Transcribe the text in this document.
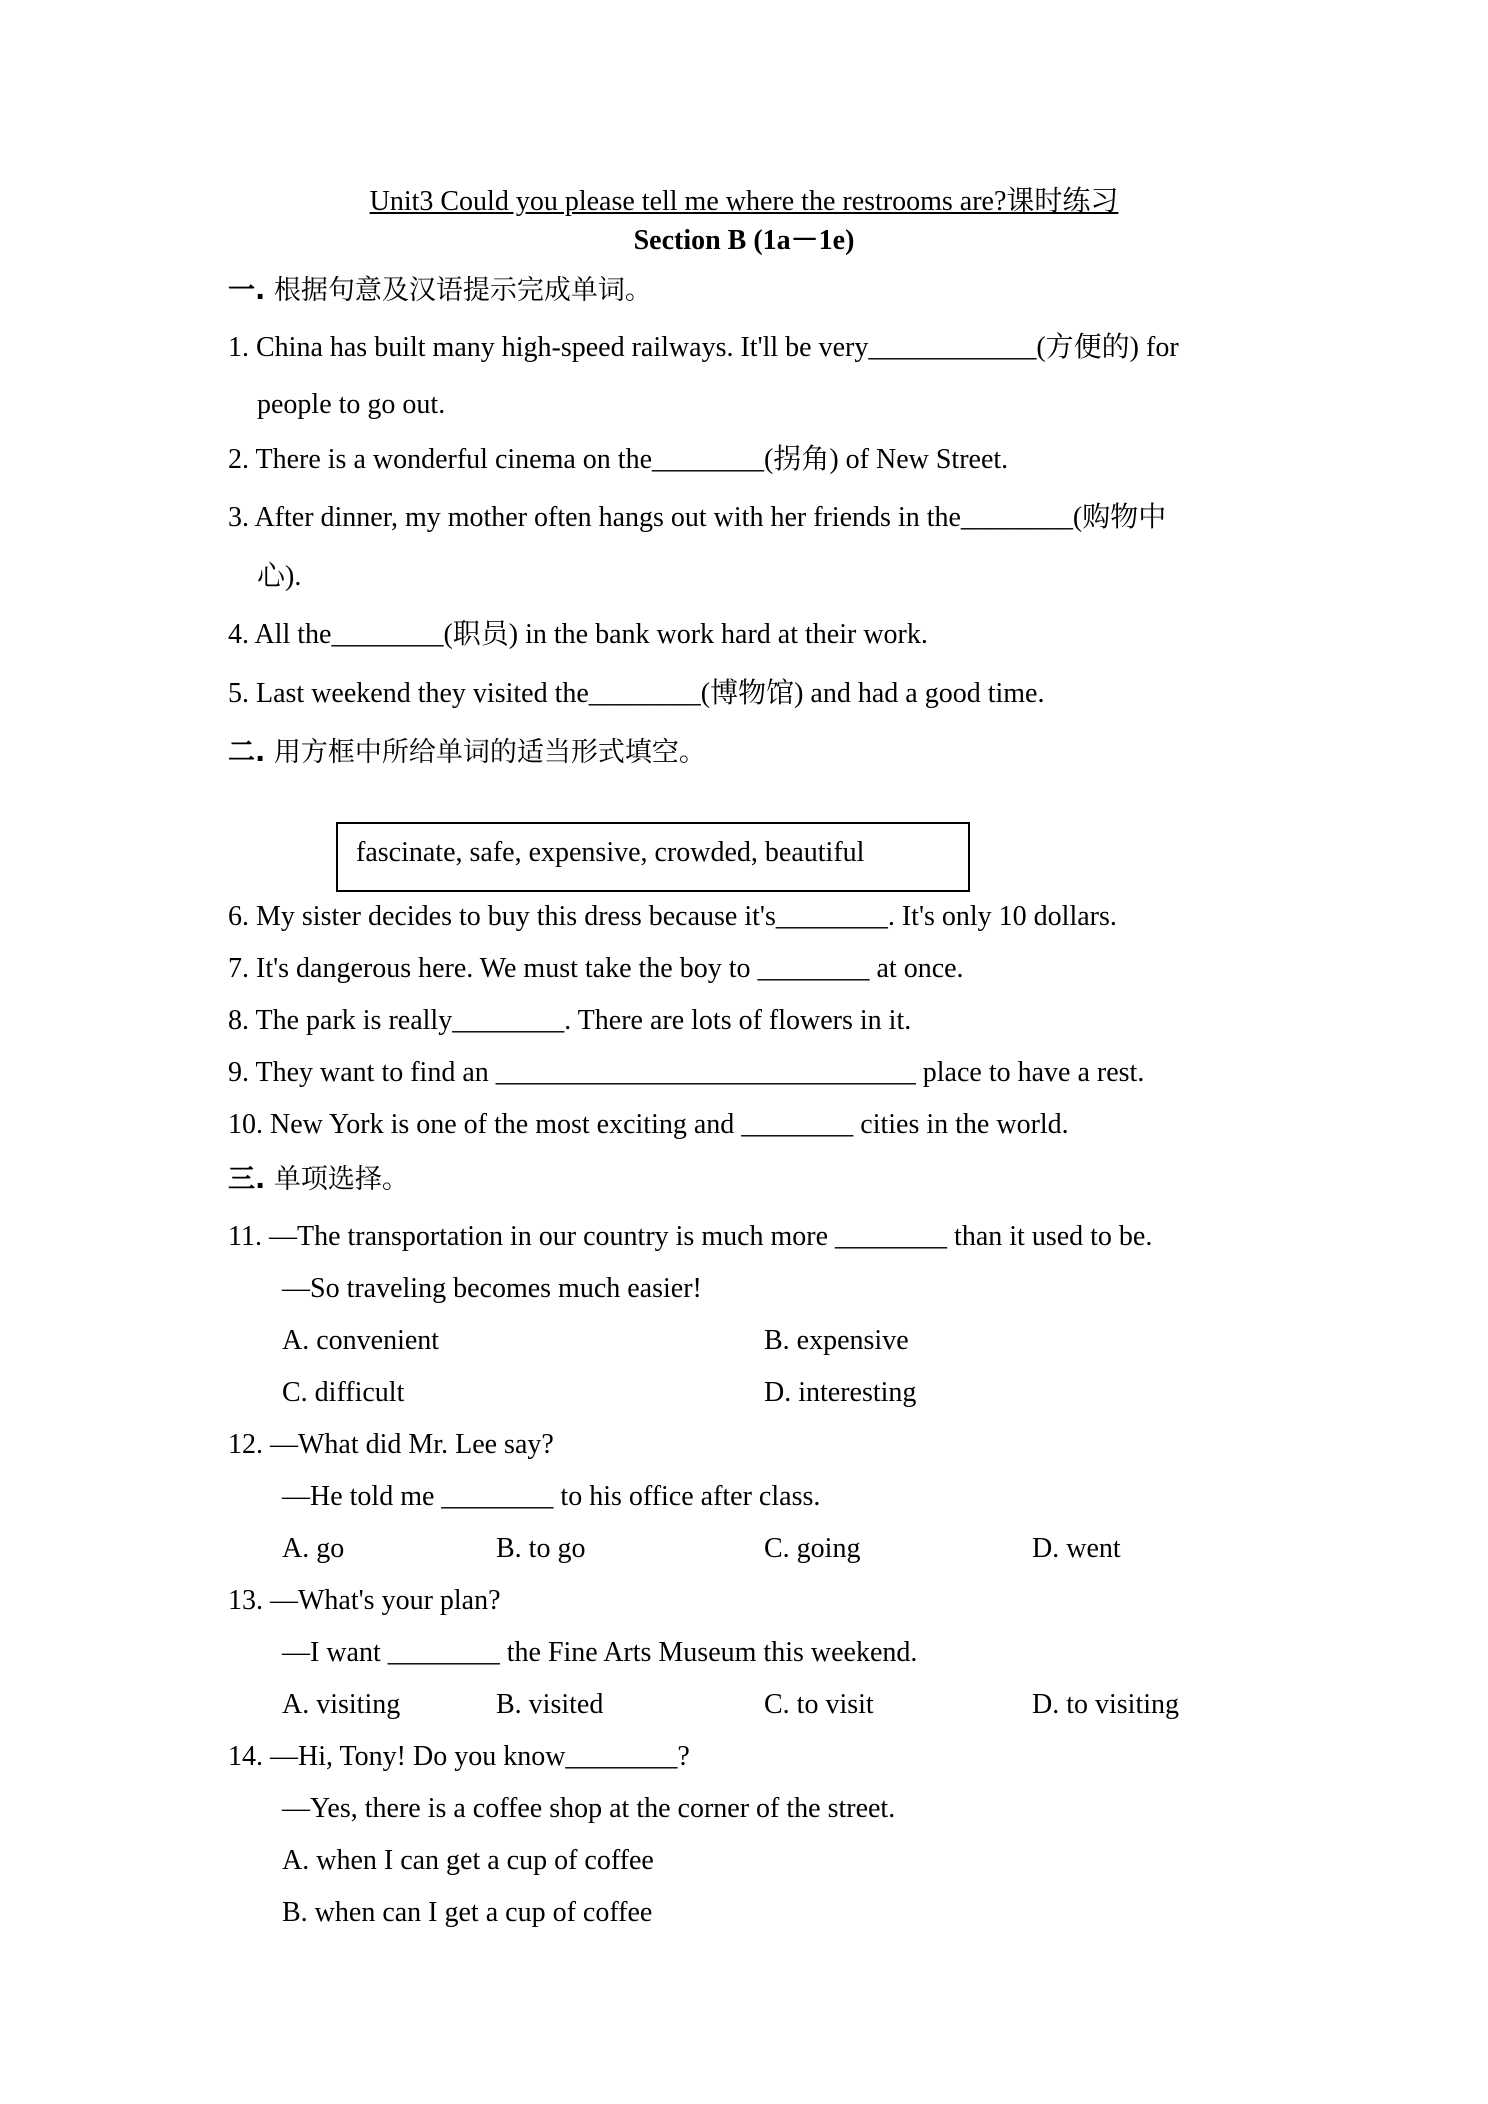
Unit3 Could you please tell me where the restrooms are?课时练习
Section B (1a－1e)
一. 根据句意及汉语提示完成单词。
1. China has built many high-speed railways. It'll be very____________(方便的) for
people to go out.
2. There is a wonderful cinema on the________(拐角) of New Street.
3. After dinner, my mother often hangs out with her friends in the________(购物中
心).
4. All the________(职员) in the bank work hard at their work.
5. Last weekend they visited the________(博物馆) and had a good time.
二. 用方框中所给单词的适当形式填空。
fascinate, safe, expensive, crowded, beautiful
6. My sister decides to buy this dress because it's________. It's only 10 dollars.
7. It's dangerous here. We must take the boy to ________ at once.
8. The park is really________. There are lots of flowers in it.
9. They want to find an ______________________________ place to have a rest.
10. New York is one of the most exciting and ________ cities in the world.
三. 单项选择。
11. —The transportation in our country is much more ________ than it used to be.
—So traveling becomes much easier!
A. convenient	B. expensive
C. difficult	D. interesting
12. —What did Mr. Lee say?
—He told me ________ to his office after class.
A. go	B. to go	C. going	D. went
13. —What's your plan?
—I want ________ the Fine Arts Museum this weekend.
A. visiting	B. visited	C. to visit	D. to visiting
14. —Hi, Tony! Do you know________?
—Yes, there is a coffee shop at the corner of the street.
A. when I can get a cup of coffee
B. when can I get a cup of coffee
